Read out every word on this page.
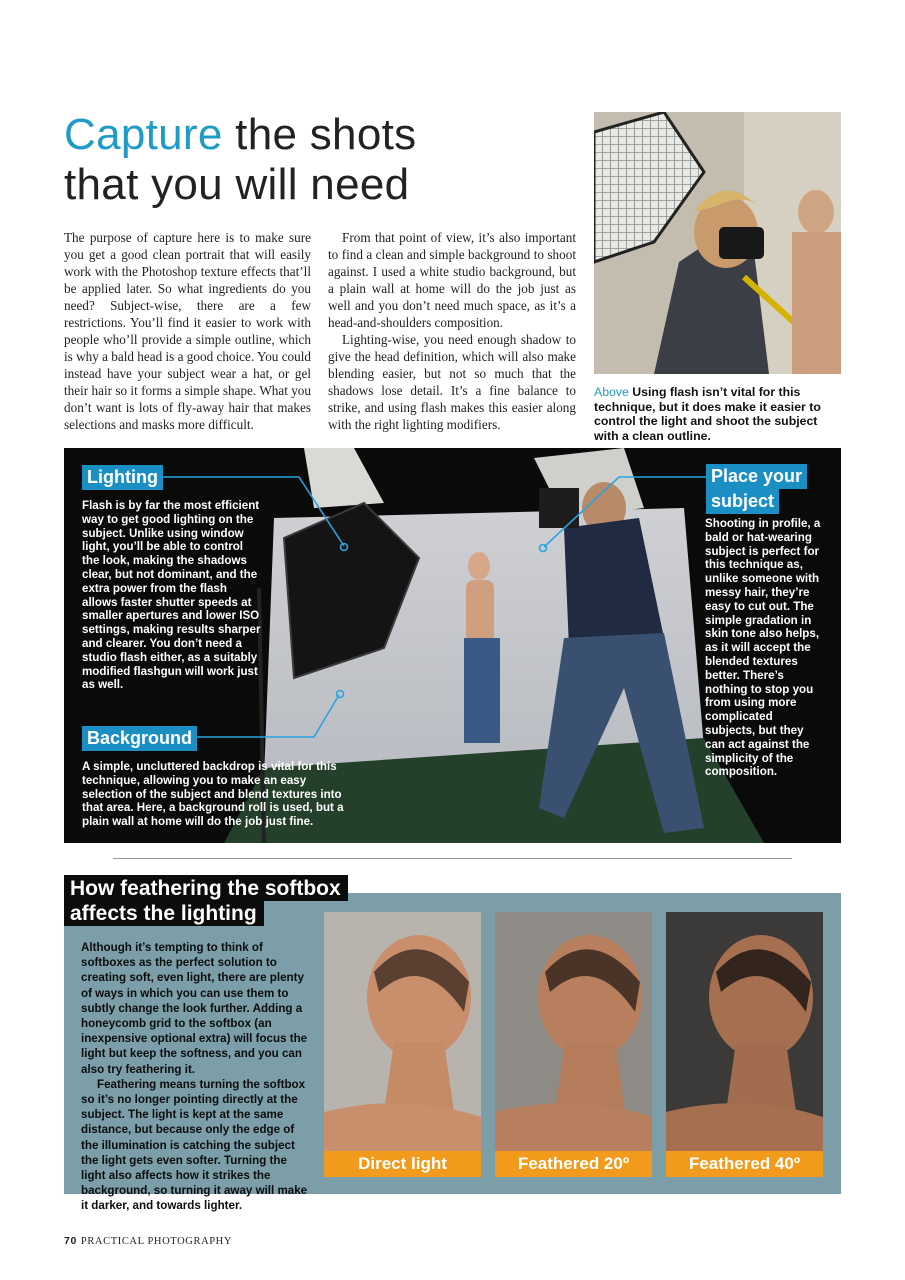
Capture the shots
that you will need

The purpose of capture here is to make sure you get a good clean portrait that will easily work with the Photoshop texture effects that’ll be applied later. So what ingredients do you need? Subject-wise, there are a few restrictions. You’ll find it easier to work with people who’ll provide a simple outline, which is why a bald head is a good choice. You could instead have your subject wear a hat, or gel their hair so it forms a simple shape. What you don’t want is lots of fly-away hair that makes selections and masks more difficult.

From that point of view, it’s also important to find a clean and simple background to shoot against. I used a white studio background, but a plain wall at home will do the job just as well and you don’t need much space, as it’s a head-and-shoulders composition.

Lighting-wise, you need enough shadow to give the head definition, which will also make blending easier, but not so much that the shadows lose detail. It’s a fine balance to strike, and using flash makes this easier along with the right lighting modifiers.

Above Using flash isn’t vital for this technique, but it does make it easier to control the light and shoot the subject with a clean outline.
Lighting
Flash is by far the most efficient way to get good lighting on the subject. Unlike using window light, you’ll be able to control the look, making the shadows clear, but not dominant, and the extra power from the flash allows faster shutter speeds at smaller apertures and lower ISO settings, making results sharper and clearer. You don’t need a studio flash either, as a suitably modified flashgun will work just as well.
Background
A simple, uncluttered backdrop is vital for this technique, allowing you to make an easy selection of the subject and blend textures into that area. Here, a background roll is used, but a plain wall at home will do the job just fine.
Place your
subject
Shooting in profile, a bald or hat-wearing subject is perfect for this technique as, unlike someone with messy hair, they’re easy to cut out. The simple gradation in skin tone also helps, as it will accept the blended textures better. There’s nothing to stop you from using more complicated subjects, but they can act against the simplicity of the composition.
How feathering the softbox
affects the lighting

Although it’s tempting to think of softboxes as the perfect solution to creating soft, even light, there are plenty of ways in which you can use them to subtly change the look further. Adding a honeycomb grid to the softbox (an inexpensive optional extra) will focus the light but keep the softness, and you can also try feathering it.

Feathering means turning the softbox so it’s no longer pointing directly at the subject. The light is kept at the same distance, but because only the edge of the illumination is catching the subject the light gets even softer. Turning the light also affects how it strikes the background, so turning it away will make it darker, and towards lighter.

Direct light	Feathered 20º	Feathered 40º
70 PRACTICAL PHOTOGRAPHY
